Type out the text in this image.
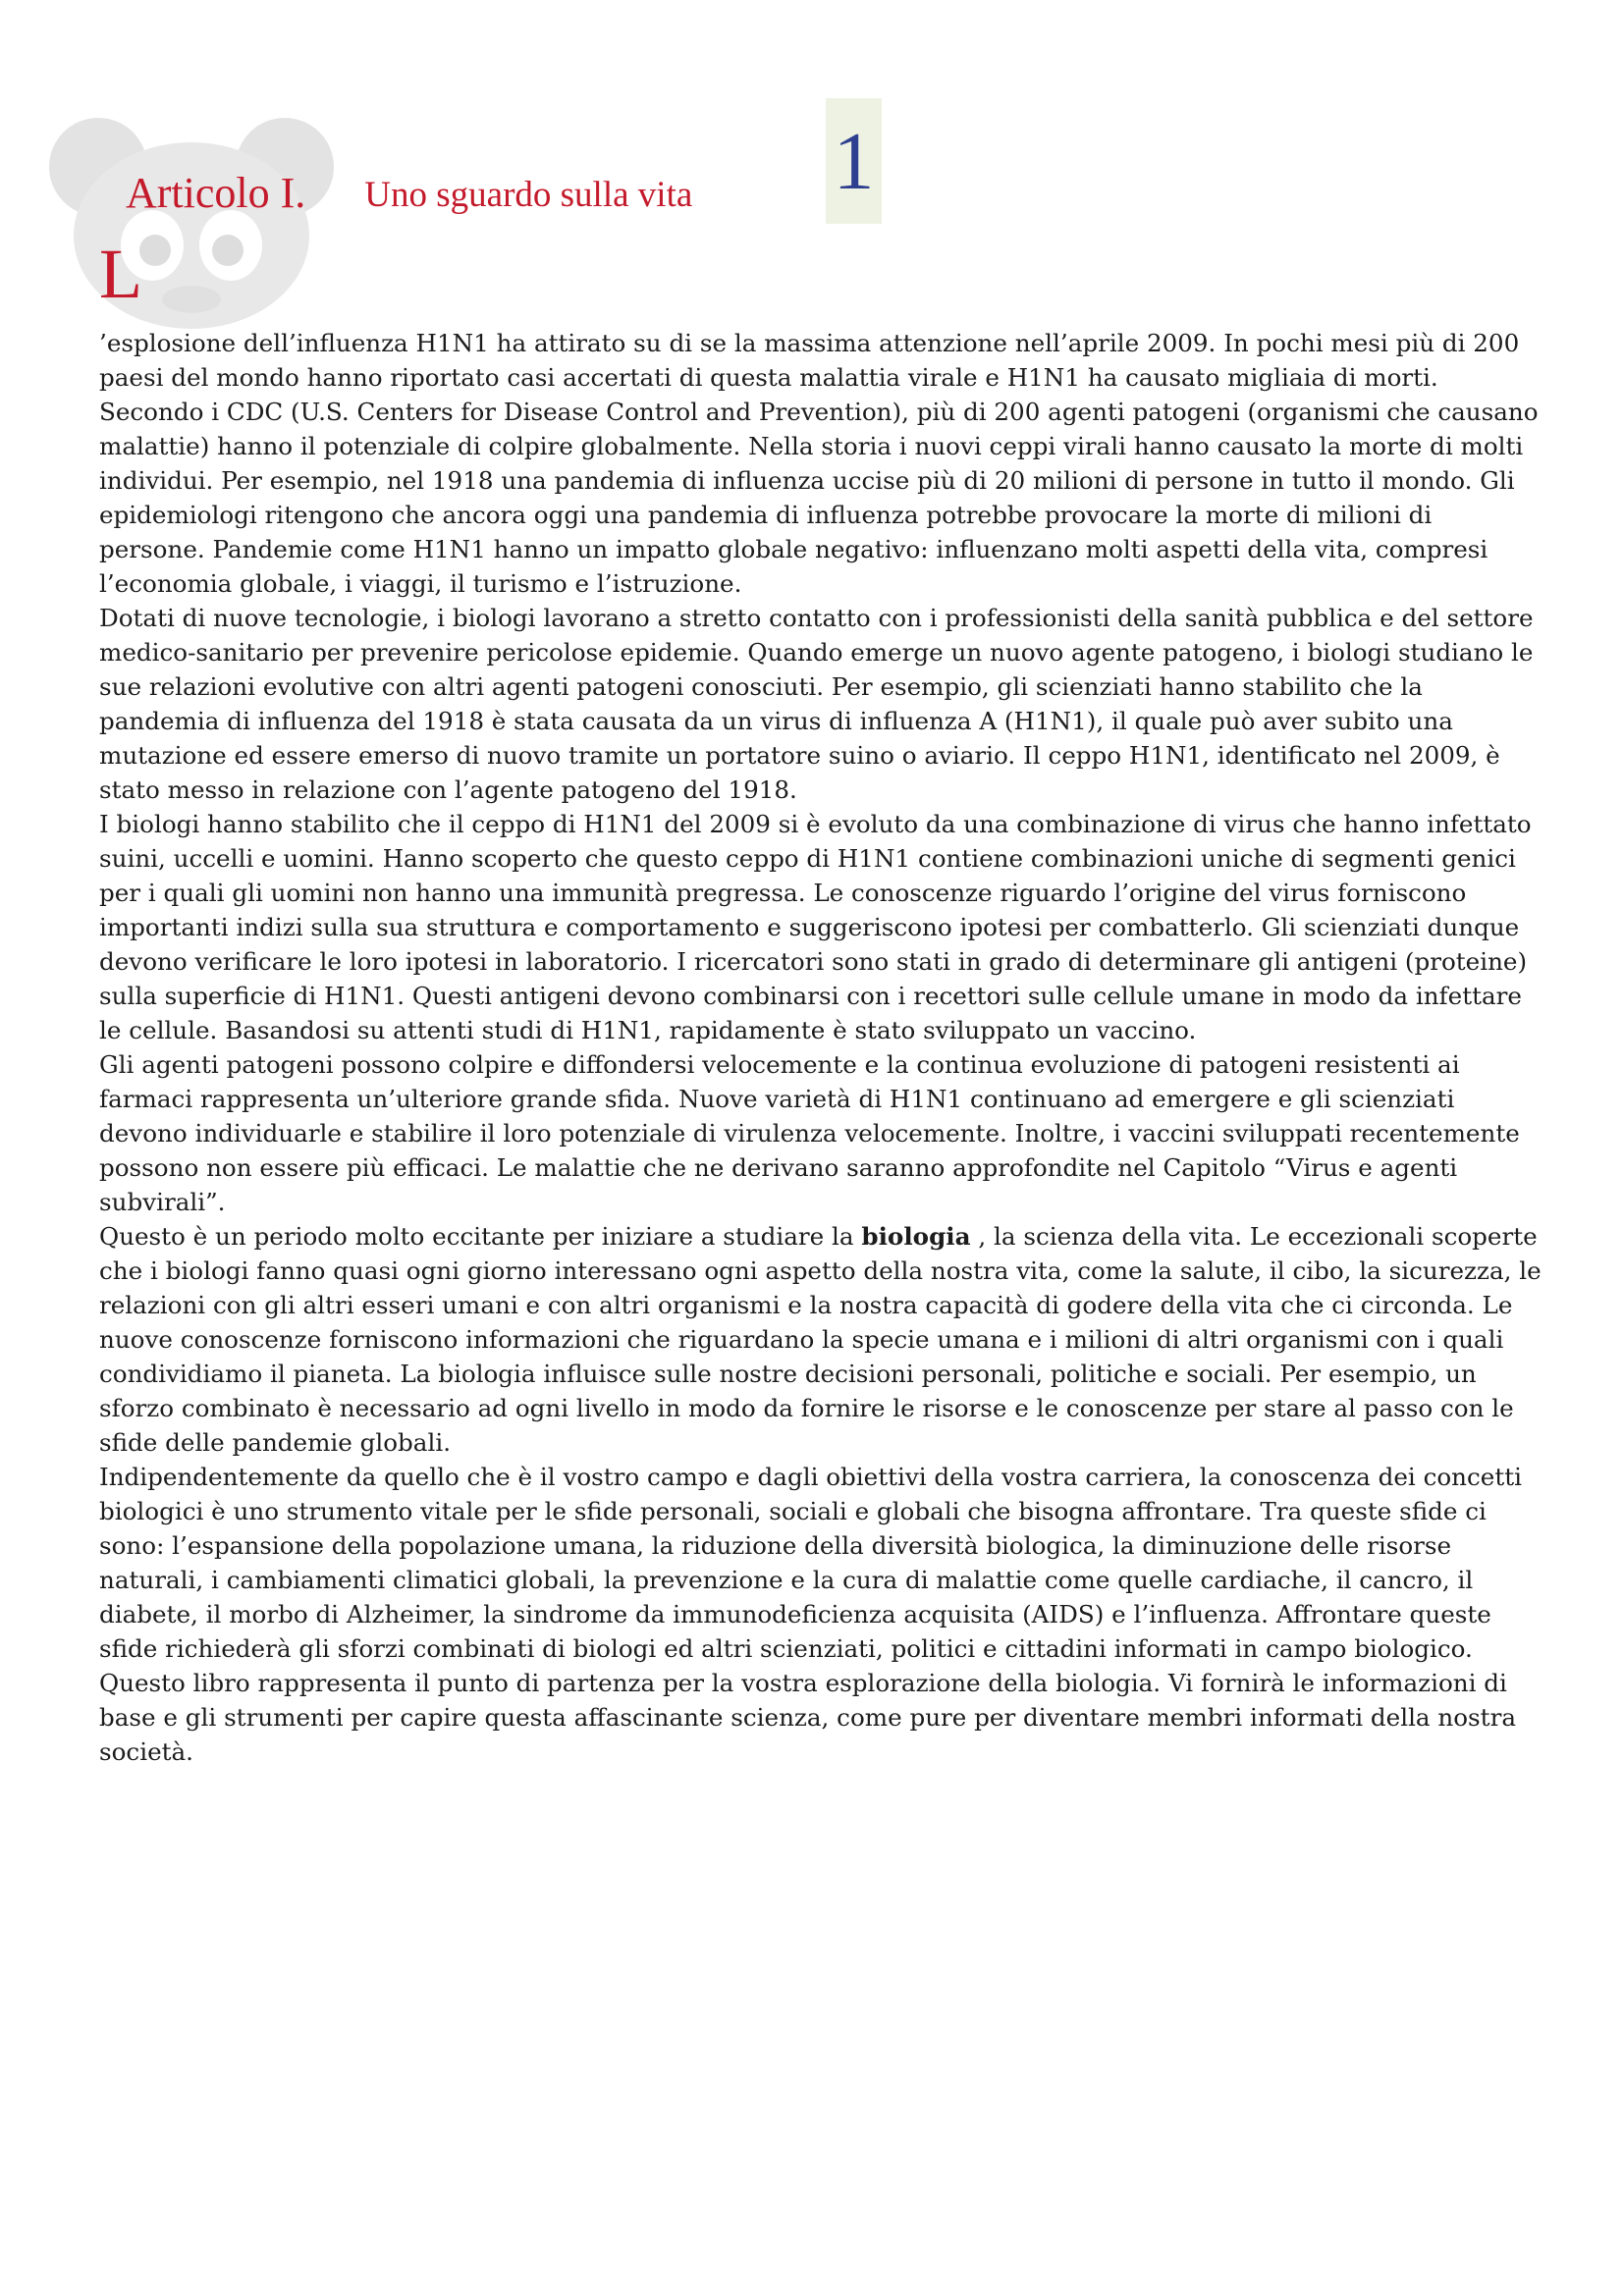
Articolo I. Uno sguardo sulla vita 1

L
’esplosione dell’influenza H1N1 ha attirato su di se la massima attenzione nell’aprile 2009. In pochi mesi più di 200 paesi del mondo hanno riportato casi accertati di questa malattia virale e H1N1 ha causato migliaia di morti. Secondo i CDC (U.S. Centers for Disease Control and Prevention), più di 200 agenti patogeni (organismi che causano malattie) hanno il potenziale di colpire globalmente. Nella storia i nuovi ceppi virali hanno causato la morte di molti individui. Per esempio, nel 1918 una pandemia di influenza uccise più di 20 milioni di persone in tutto il mondo. Gli epidemiologi ritengono che ancora oggi una pandemia di influenza potrebbe provocare la morte di milioni di persone. Pandemie come H1N1 hanno un impatto globale negativo: influenzano molti aspetti della vita, compresi l’economia globale, i viaggi, il turismo e l’istruzione.

Dotati di nuove tecnologie, i biologi lavorano a stretto contatto con i professionisti della sanità pubblica e del settore medico-sanitario per prevenire pericolose epidemie. Quando emerge un nuovo agente patogeno, i biologi studiano le sue relazioni evolutive con altri agenti patogeni conosciuti. Per esempio, gli scienziati hanno stabilito che la pandemia di influenza del 1918 è stata causata da un virus di influenza A (H1N1), il quale può aver subito una mutazione ed essere emerso di nuovo tramite un portatore suino o aviario. Il ceppo H1N1, identificato nel 2009, è stato messo in relazione con l’agente patogeno del 1918.

I biologi hanno stabilito che il ceppo di H1N1 del 2009 si è evoluto da una combinazione di virus che hanno infettato suini, uccelli e uomini. Hanno scoperto che questo ceppo di H1N1 contiene combinazioni uniche di segmenti genici per i quali gli uomini non hanno una immunità pregressa. Le conoscenze riguardo l’origine del virus forniscono importanti indizi sulla sua struttura e comportamento e suggeriscono ipotesi per combatterlo. Gli scienziati dunque devono verificare le loro ipotesi in laboratorio. I ricercatori sono stati in grado di determinare gli antigeni (proteine) sulla superficie di H1N1. Questi antigeni devono combinarsi con i recettori sulle cellule umane in modo da infettare le cellule. Basandosi su attenti studi di H1N1, rapidamente è stato sviluppato un vaccino.

Gli agenti patogeni possono colpire e diffondersi velocemente e la continua evoluzione di patogeni resistenti ai farmaci rappresenta un’ulteriore grande sfida. Nuove varietà di H1N1 continuano ad emergere e gli scienziati devono individuarle e stabilire il loro potenziale di virulenza velocemente. Inoltre, i vaccini sviluppati recentemente possono non essere più efficaci. Le malattie che ne derivano saranno approfondite nel Capitolo “Virus e agenti subvirali”.

Questo è un periodo molto eccitante per iniziare a studiare la biologia , la scienza della vita. Le eccezionali scoperte che i biologi fanno quasi ogni giorno interessano ogni aspetto della nostra vita, come la salute, il cibo, la sicurezza, le relazioni con gli altri esseri umani e con altri organismi e la nostra capacità di godere della vita che ci circonda. Le nuove conoscenze forniscono informazioni che riguardano la specie umana e i milioni di altri organismi con i quali condividiamo il pianeta. La biologia influisce sulle nostre decisioni personali, politiche e sociali. Per esempio, un sforzo combinato è necessario ad ogni livello in modo da fornire le risorse e le conoscenze per stare al passo con le sfide delle pandemie globali.

Indipendentemente da quello che è il vostro campo e dagli obiettivi della vostra carriera, la conoscenza dei concetti biologici è uno strumento vitale per le sfide personali, sociali e globali che bisogna affrontare. Tra queste sfide ci sono: l’espansione della popolazione umana, la riduzione della diversità biologica, la diminuzione delle risorse naturali, i cambiamenti climatici globali, la prevenzione e la cura di malattie come quelle cardiache, il cancro, il diabete, il morbo di Alzheimer, la sindrome da immunodeficienza acquisita (AIDS) e l’influenza. Affrontare queste sfide richiederà gli sforzi combinati di biologi ed altri scienziati, politici e cittadini informati in campo biologico.

Questo libro rappresenta il punto di partenza per la vostra esplorazione della biologia. Vi fornirà le informazioni di base e gli strumenti per capire questa affascinante scienza, come pure per diventare membri informati della nostra società.
